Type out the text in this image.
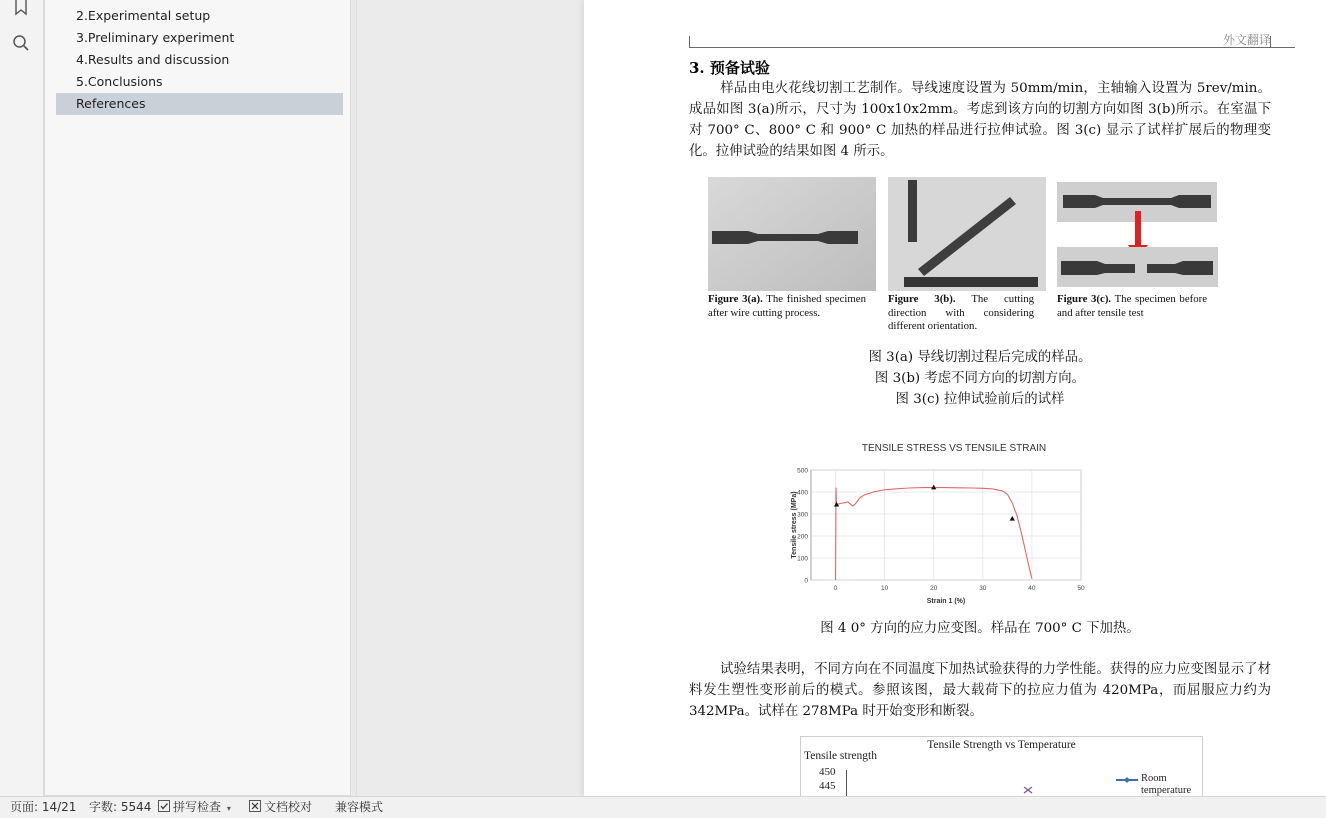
2.Experimental setup
3.Preliminary experiment
4.Results and discussion
5.Conclusions
References
外文翻译
3. 预备试验
样品由电火花线切割工艺制作。导线速度设置为 50mm/min，主轴输入设置为 5rev/min。成品如图 3(a)所示，尺寸为 100x10x2mm。考虑到该方向的切割方向如图 3(b)所示。在室温下对 700° C、800° C 和 900° C 加热的样品进行拉伸试验。图 3(c) 显示了试样扩展后的物理变化。拉伸试验的结果如图 4 所示。
Figure 3(a). The finished specimen after wire cutting process.
Figure 3(b). The cutting direction with considering different orientation.
Figure 3(c). The specimen before and after tensile test
图 3(a) 导线切割过程后完成的样品。
图 3(b) 考虑不同方向的切割方向。
图 3(c) 拉伸试验前后的试样
TENSILE STRESS VS TENSILE STRAIN
0
100
200
300
400
500
0	10	20	30	40	50
Strain 1 (%)
Tensile stress (MPa)
图 4 0° 方向的应力应变图。样品在 700° C 下加热。
试验结果表明，不同方向在不同温度下加热试验获得的力学性能。获得的应力应变图显示了材料发生塑性变形前后的模式。参照该图，最大载荷下的拉应力值为 420MPa，而屈服应力约为 342MPa。试样在 278MPa 时开始变形和断裂。
Tensile Strength vs Temperature
Tensile strength
450
445
Room temperature
页面: 14/21 字数: 5544	拼写检查 ▾	文档校对 兼容模式
